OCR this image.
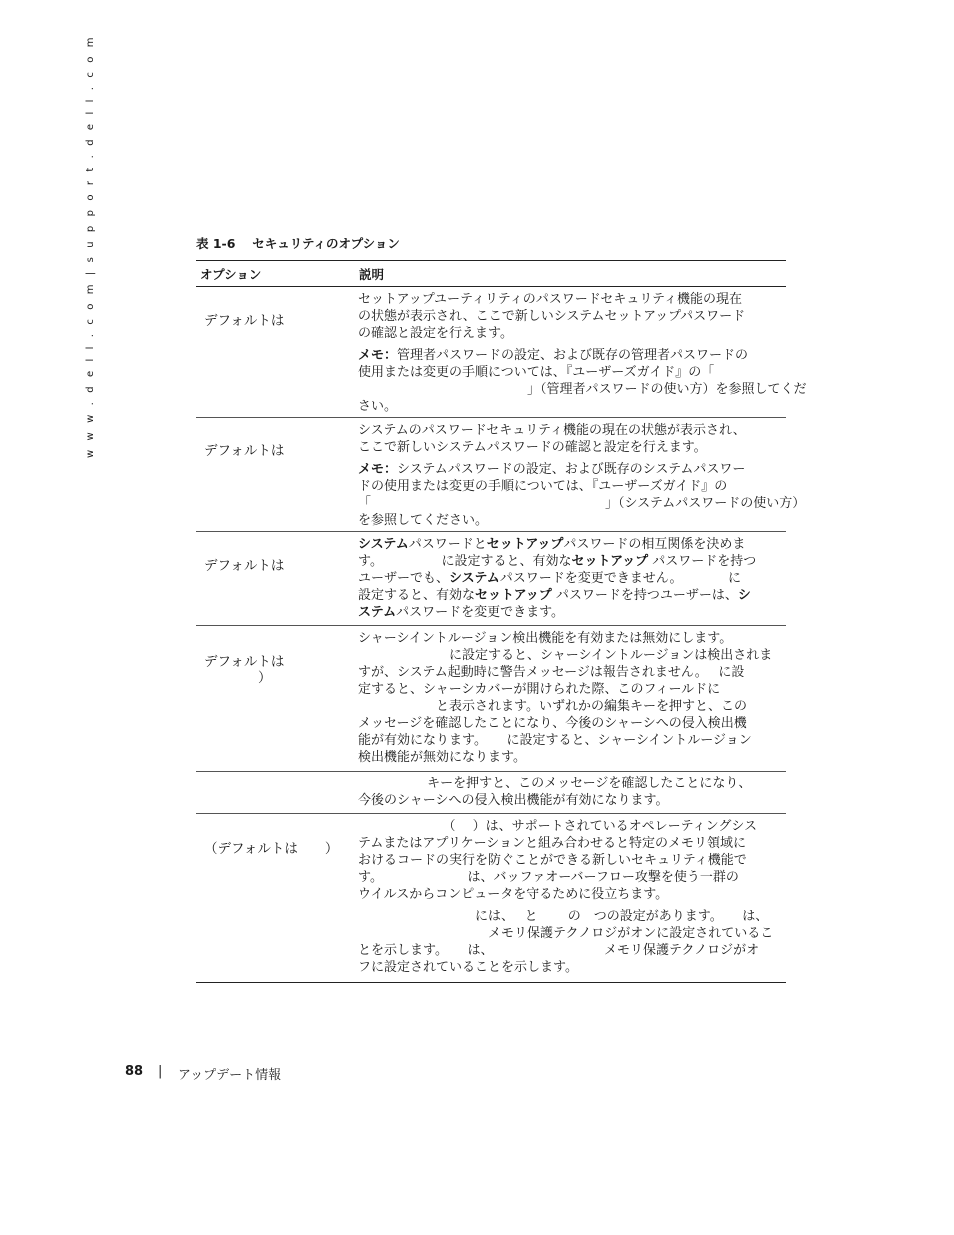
w w w . d e l l . c o m | s u p p o r t . d e l l . c o m	表 1-6　 セキュリティのオプション
オプション	説明
デフォルトは
セットアップユーティリティのパスワードセキュリティ機能の現在
の状態が表示され、ここで新しいシステムセットアップパスワード
の確認と設定を行えます。
メモ：管理者パスワードの設定、および既存の管理者パスワードの
使用または変更の手順については、『ユーザーズガイド』の「
　　　　　　　　　　　　　」（管理者パスワードの使い方）を参照してくだ
さい。
デフォルトは
システムのパスワードセキュリティ機能の現在の状態が表示され、
ここで新しいシステムパスワードの確認と設定を行えます。
メモ：システムパスワードの設定、および既存のシステムパスワー
ドの使用または変更の手順については、『ユーザーズガイド』の
「　　　　　　　　　　　　　　　　　　」（システムパスワードの使い方）
を参照してください。
デフォルトは
システムパスワードとセットアップパスワードの相互関係を決めま
す。　　　　　に設定すると、有効なセットアップ パスワードを持つ
ユーザーでも、システムパスワードを変更できません。　　　　に
設定すると、有効なセットアップ パスワードを持つユーザーは、シ
ステムパスワードを変更できます。
デフォルトは
　　　　）
シャーシイントルージョン検出機能を有効または無効にします。
　　　　　　　に設定すると、シャーシイントルージョンは検出されま
すが、システム起動時に警告メッセージは報告されません。　 に設
定すると、シャーシカバーが開けられた際、このフィールドに
　　　　　　と表示されます。いずれかの編集キーを押すと、この
メッセージを確認したことになり、今後のシャーシへの侵入検出機
能が有効になります。　　に設定すると、シャーシイントルージョン
検出機能が無効になります。
　　　　　 キーを押すと、このメッセージを確認したことになり、
今後のシャーシへの侵入検出機能が有効になります。
（デフォルトは　　）
　　　　　　　（　 ）は、サポートされているオペレーティングシス
テムまたはアプリケーションと組み合わせると特定のメモリ領域に
おけるコードの実行を防ぐことができる新しいセキュリティ機能で
す。　　　　　　　は、バッファオーバーフロー攻撃を使う一群の
ウイルスからコンピュータを守るために役立ちます。
　　　　　　　　　には、　 と　　 の　つの設定があります。　　は、
　　　　　　　　　　メモリ保護テクノロジがオンに設定されているこ
とを示します。　　は、　　　　　　　　　メモリ保護テクノロジがオ
フに設定されていることを示します。
88 | アップデート情報
